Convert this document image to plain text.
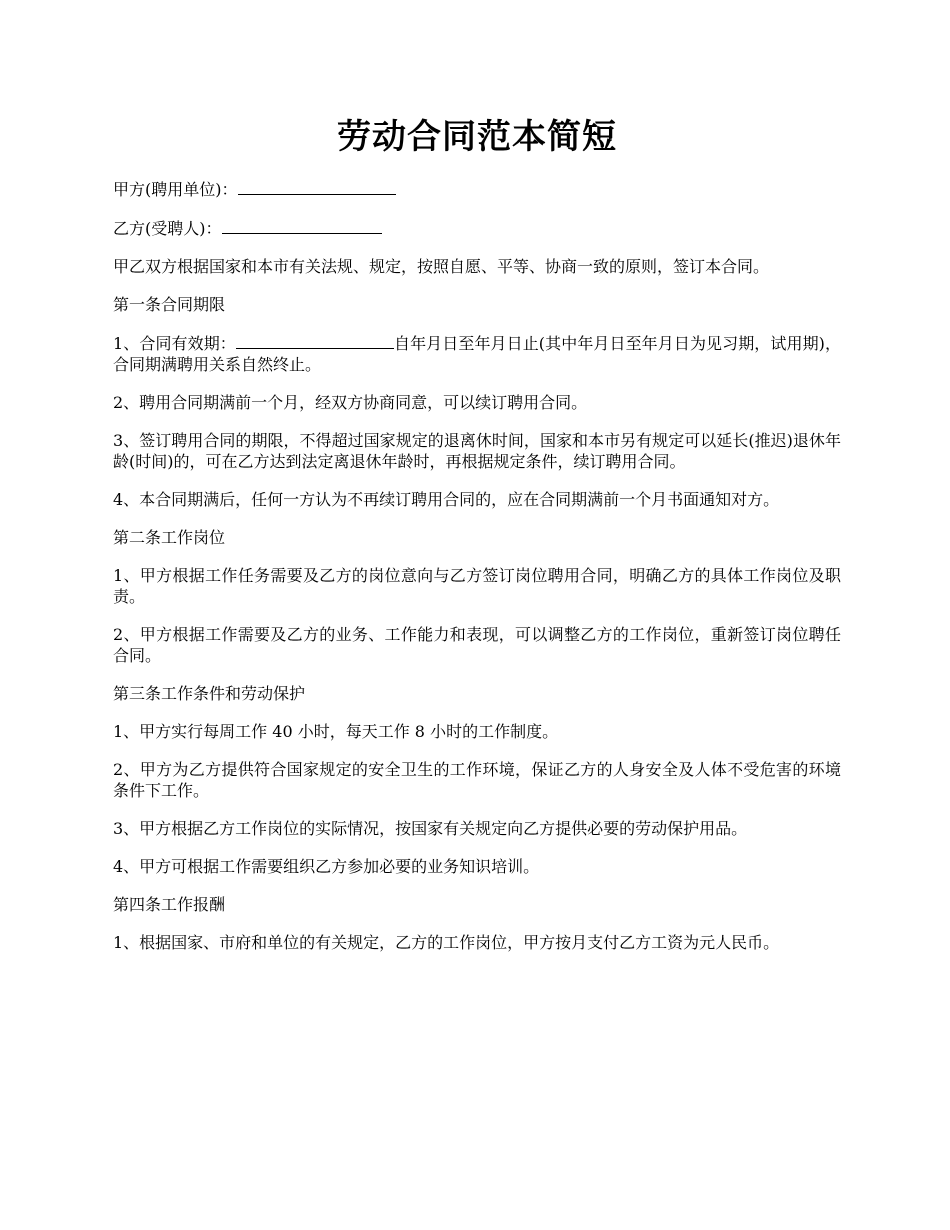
劳动合同范本简短

甲方(聘用单位)：

乙方(受聘人)：

甲乙双方根据国家和本市有关法规、规定，按照自愿、平等、协商一致的原则，签订本合同。

第一条合同期限

1、合同有效期：	自年月日至年月日止(其中年月日至年月日为见习期，试用期)，合同期满聘用关系自然终止。

2、聘用合同期满前一个月，经双方协商同意，可以续订聘用合同。

3、签订聘用合同的期限，不得超过国家规定的退离休时间，国家和本市另有规定可以延长(推迟)退休年龄(时间)的，可在乙方达到法定离退休年龄时，再根据规定条件，续订聘用合同。

4、本合同期满后，任何一方认为不再续订聘用合同的，应在合同期满前一个月书面通知对方。

第二条工作岗位

1、甲方根据工作任务需要及乙方的岗位意向与乙方签订岗位聘用合同，明确乙方的具体工作岗位及职责。

2、甲方根据工作需要及乙方的业务、工作能力和表现，可以调整乙方的工作岗位，重新签订岗位聘任合同。

第三条工作条件和劳动保护

1、甲方实行每周工作 40 小时，每天工作 8 小时的工作制度。

2、甲方为乙方提供符合国家规定的安全卫生的工作环境，保证乙方的人身安全及人体不受危害的环境条件下工作。

3、甲方根据乙方工作岗位的实际情况，按国家有关规定向乙方提供必要的劳动保护用品。

4、甲方可根据工作需要组织乙方参加必要的业务知识培训。

第四条工作报酬

1、根据国家、市府和单位的有关规定，乙方的工作岗位，甲方按月支付乙方工资为元人民币。
